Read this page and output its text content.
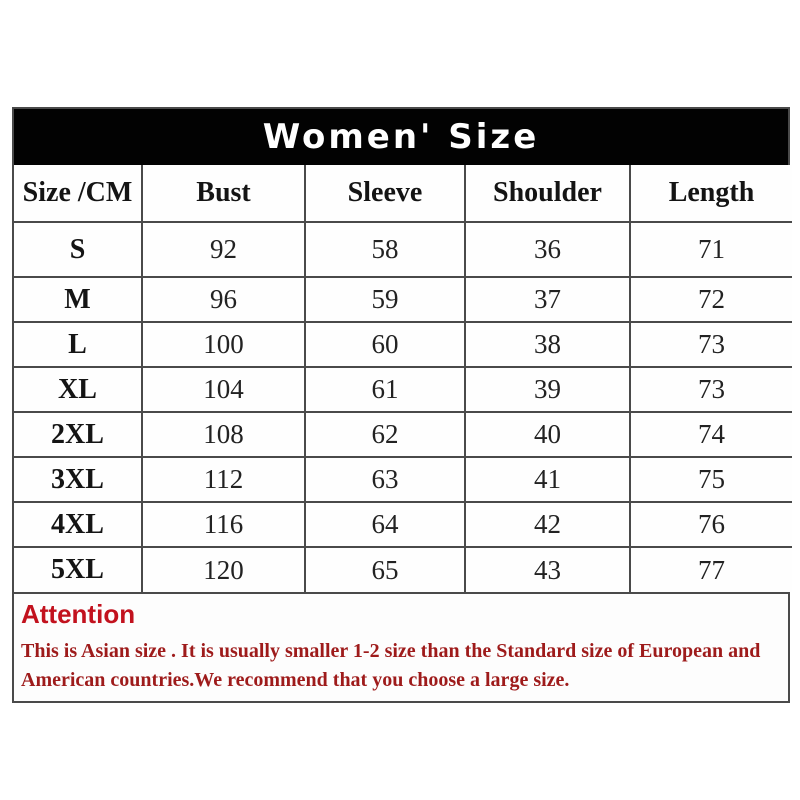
Women' Size
Size /CM	Bust	Sleeve	Shoulder	Length
S	92	58	36	71
M	96	59	37	72
L	100	60	38	73
XL	104	61	39	73
2XL	108	62	40	74
3XL	112	63	41	75
4XL	116	64	42	76
5XL	120	65	43	77
Attention
This is Asian size . It is usually smaller 1-2 size than the Standard size of European and American countries.We recommend that you choose a large size.
